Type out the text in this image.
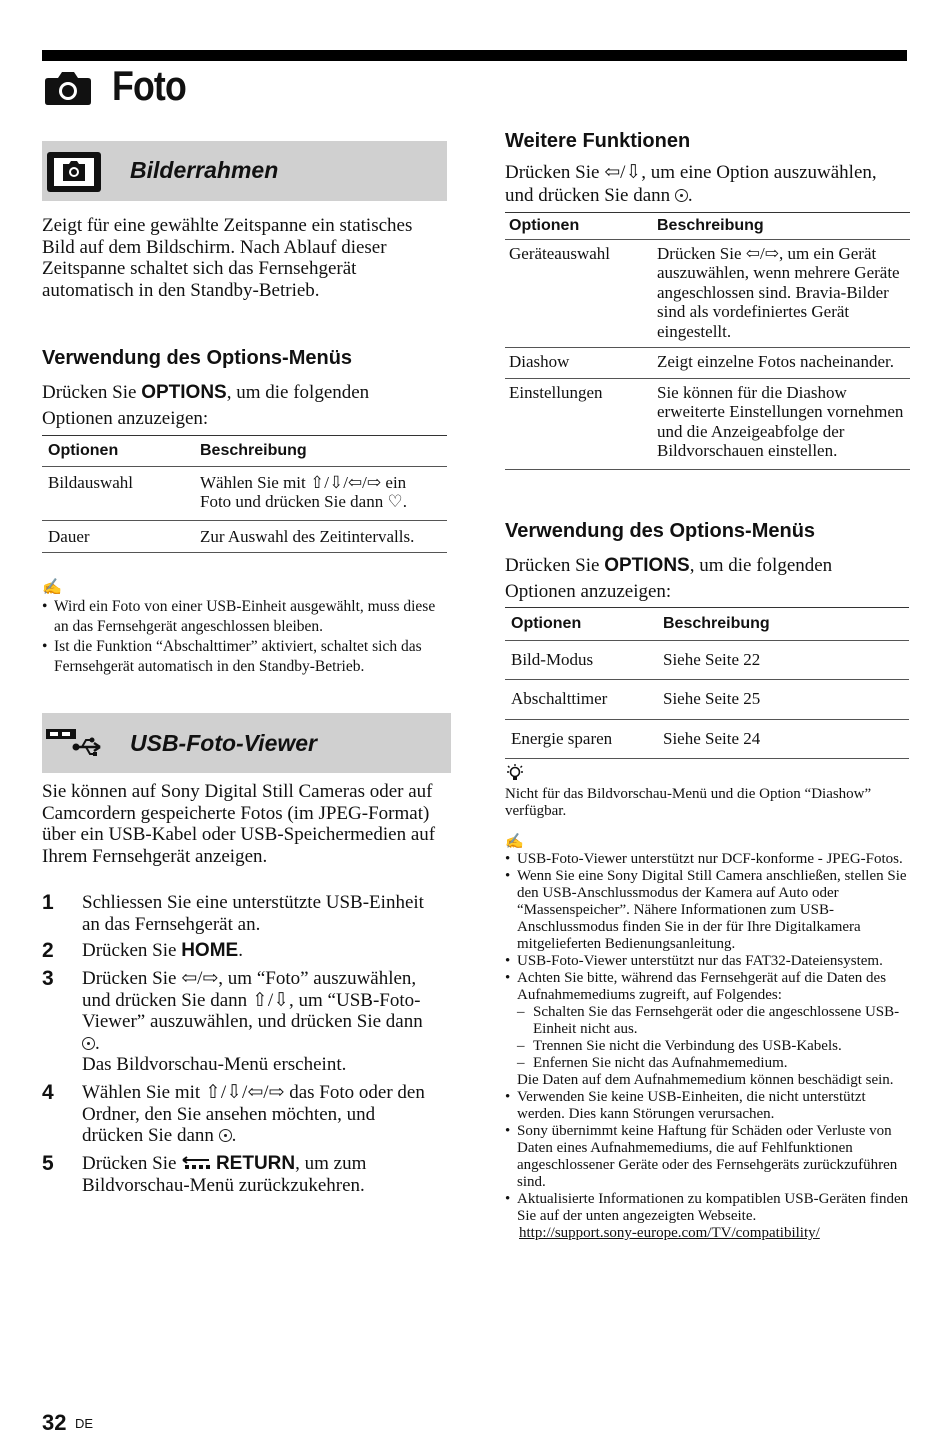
Foto
Bilderrahmen
Zeigt für eine gewählte Zeitspanne ein statisches Bild auf dem Bildschirm. Nach Ablauf dieser Zeitspanne schaltet sich das Fernsehgerät automatisch in den Standby-Betrieb.
Verwendung des Options-Menüs
Drücken Sie OPTIONS, um die folgenden Optionen anzuzeigen:
Optionen	Beschreibung
Bildauswahl	Wählen Sie mit ⇧/⇩/⇦/⇨ ein Foto und drücken Sie dann ♡.
Dauer	Zur Auswahl des Zeitintervalls.
✍
• Wird ein Foto von einer USB-Einheit ausgewählt, muss diese an das Fernsehgerät angeschlossen bleiben.
• Ist die Funktion “Abschalttimer” aktiviert, schaltet sich das Fernsehgerät automatisch in den Standby-Betrieb.
USB-Foto-Viewer
Sie können auf Sony Digital Still Cameras oder auf Camcordern gespeicherte Fotos (im JPEG-Format) über ein USB-Kabel oder USB-Speichermedien auf Ihrem Fernsehgerät anzeigen.
1 Schliessen Sie eine unterstützte USB-Einheit an das Fernsehgerät an.
2 Drücken Sie HOME.
3 Drücken Sie ⇦/⇨, um “Foto” auszuwählen, und drücken Sie dann ⇧/⇩, um “USB-Foto-Viewer” auszuwählen, und drücken Sie dann .
Das Bildvorschau-Menü erscheint.
4 Wählen Sie mit ⇧/⇩/⇦/⇨ das Foto oder den Ordner, den Sie ansehen möchten, und drücken Sie dann .
5 Drücken Sie  RETURN, um zum Bildvorschau-Menü zurückzukehren.
Weitere Funktionen
Drücken Sie ⇦/⇩, um eine Option auszuwählen, und drücken Sie dann .
Optionen	Beschreibung
Geräteauswahl	Drücken Sie ⇦/⇨, um ein Gerät auszuwählen, wenn mehrere Geräte angeschlossen sind. Bravia-Bilder sind als vordefiniertes Gerät eingestellt.
Diashow	Zeigt einzelne Fotos nacheinander.
Einstellungen	Sie können für die Diashow erweiterte Einstellungen vornehmen und die Anzeigeabfolge der Bildvorschauen einstellen.
Verwendung des Options-Menüs
Drücken Sie OPTIONS, um die folgenden Optionen anzuzeigen:
Optionen	Beschreibung
Bild-Modus	Siehe Seite 22
Abschalttimer	Siehe Seite 25
Energie sparen	Siehe Seite 24
Nicht für das Bildvorschau-Menü und die Option “Diashow” verfügbar.
✍
• USB-Foto-Viewer unterstützt nur DCF-konforme - JPEG-Fotos.
• Wenn Sie eine Sony Digital Still Camera anschließen, stellen Sie den USB-Anschlussmodus der Kamera auf Auto oder “Massenspeicher”. Nähere Informationen zum USB-Anschlussmodus finden Sie in der für Ihre Digitalkamera mitgelieferten Bedienungsanleitung.
• USB-Foto-Viewer unterstützt nur das FAT32-Dateiensystem.
• Achten Sie bitte, während das Fernsehgerät auf die Daten des Aufnahmemediums zugreift, auf Folgendes:
– Schalten Sie das Fernsehgerät oder die angeschlossene USB-Einheit nicht aus.
– Trennen Sie nicht die Verbindung des USB-Kabels.
– Enfernen Sie nicht das Aufnahmemedium.
Die Daten auf dem Aufnahmemedium können beschädigt sein.
• Verwenden Sie keine USB-Einheiten, die nicht unterstützt werden. Dies kann Störungen verursachen.
• Sony übernimmt keine Haftung für Schäden oder Verluste von Daten eines Aufnahmemediums, die auf Fehlfunktionen angeschlossener Geräte oder des Fernsehgeräts zurückzuführen sind.
• Aktualisierte Informationen zu kompatiblen USB-Geräten finden Sie auf der unten angezeigten Webseite.
http://support.sony-europe.com/TV/compatibility/
32 DE
